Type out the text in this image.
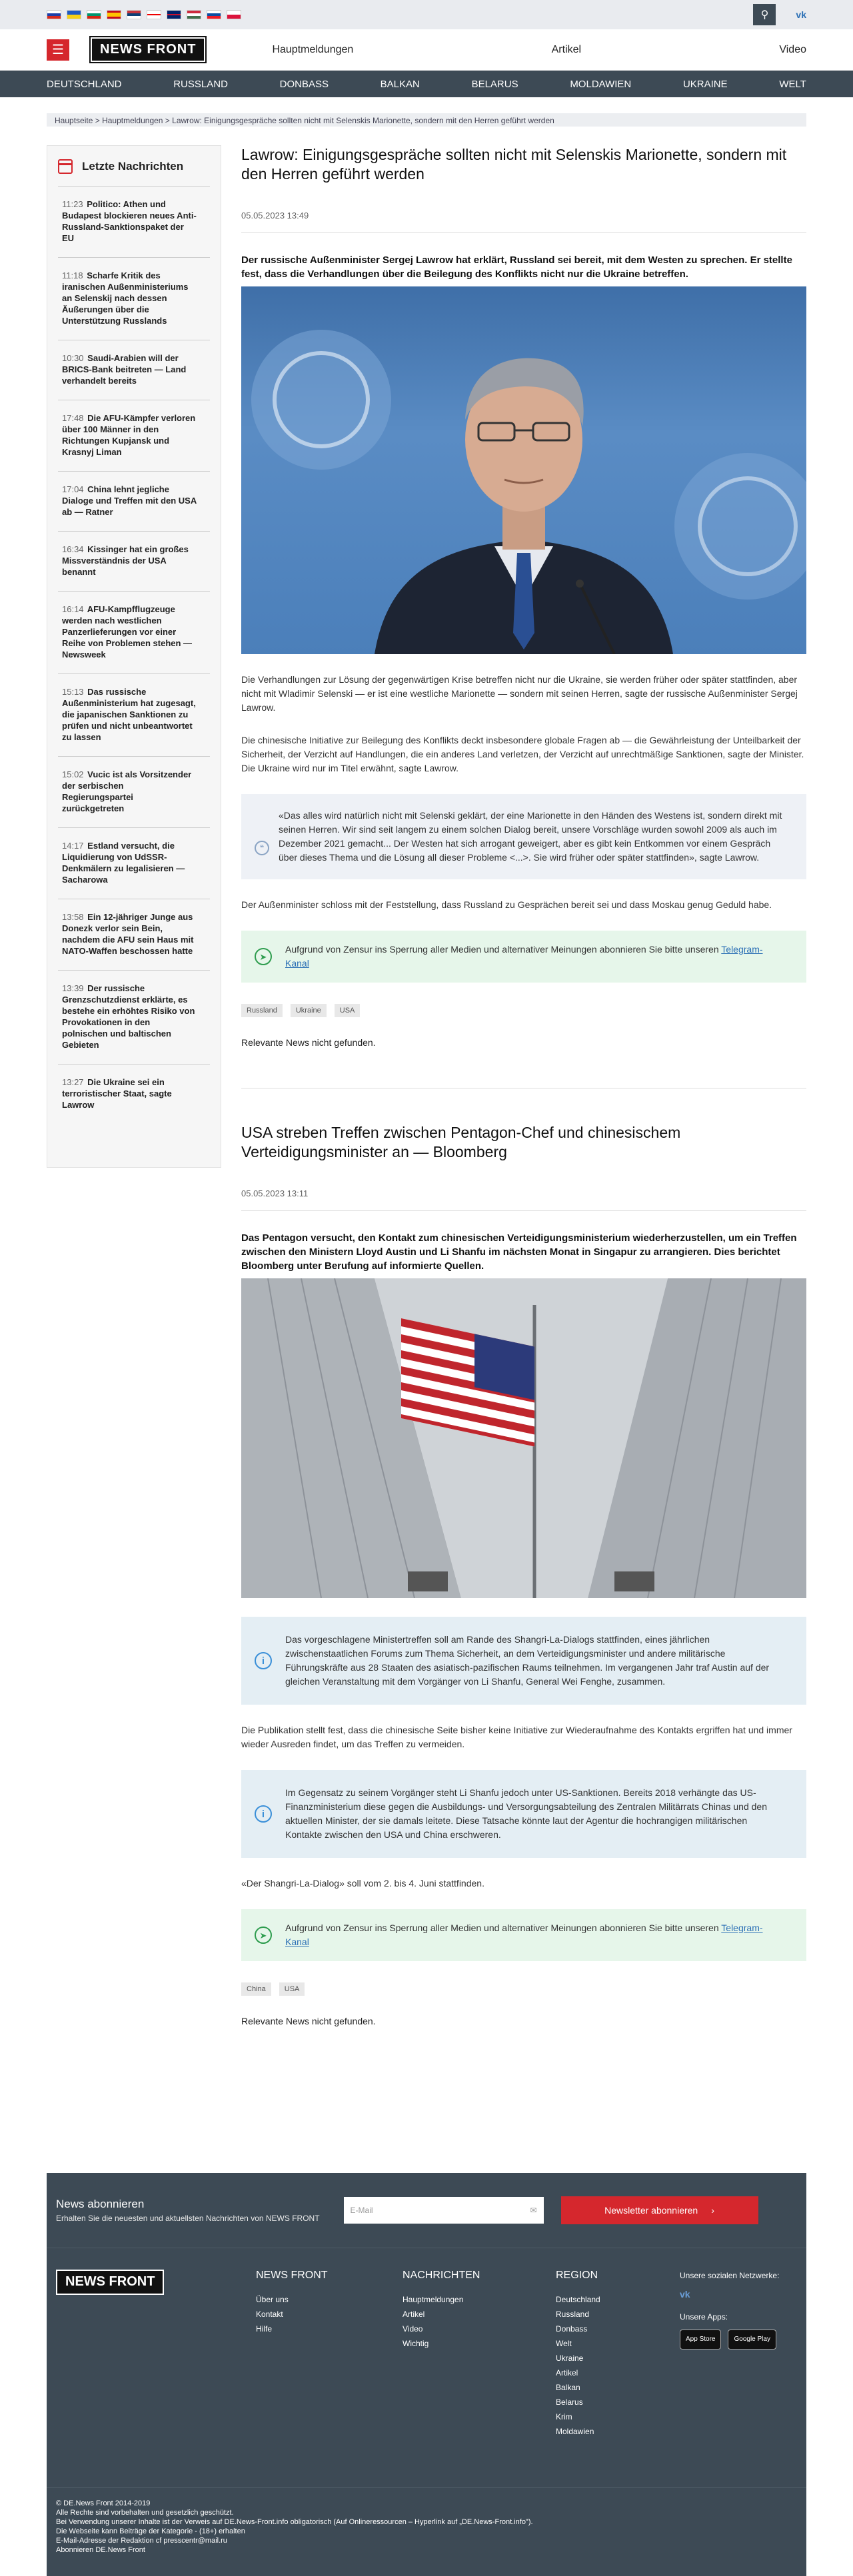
⚲	vk
☰	NEWS FRONT	Hauptmeldungen	Artikel	Video
DEUTSCHLAND	RUSSLAND	DONBASS	BALKAN	BELARUS	MOLDAWIEN	UKRAINE	WELT
Hauptseite > Hauptmeldungen > Lawrow: Einigungsgespräche sollten nicht mit Selenskis Marionette, sondern mit den Herren geführt werden
Letzte Nachrichten
11:23 Politico: Athen und Budapest blockieren neues Anti-Russland-Sanktionspaket der EU
11:18 Scharfe Kritik des iranischen Außenministeriums an Selenskij nach dessen Äußerungen über die Unterstützung Russlands
10:30 Saudi-Arabien will der BRICS-Bank beitreten — Land verhandelt bereits
17:48 Die AFU-Kämpfer verloren über 100 Männer in den Richtungen Kupjansk und Krasnyj Liman
17:04 China lehnt jegliche Dialoge und Treffen mit den USA ab — Ratner
16:34 Kissinger hat ein großes Missverständnis der USA benannt
16:14 AFU-Kampfflugzeuge werden nach westlichen Panzerlieferungen vor einer Reihe von Problemen stehen — Newsweek
15:13 Das russische Außenministerium hat zugesagt, die japanischen Sanktionen zu prüfen und nicht unbeantwortet zu lassen
15:02 Vucic ist als Vorsitzender der serbischen Regierungspartei zurückgetreten
14:17 Estland versucht, die Liquidierung von UdSSR-Denkmälern zu legalisieren — Sacharowa
13:58 Ein 12-jähriger Junge aus Donezk verlor sein Bein, nachdem die AFU sein Haus mit NATO-Waffen beschossen hatte
13:39 Der russische Grenzschutzdienst erklärte, es bestehe ein erhöhtes Risiko von Provokationen in den polnischen und baltischen Gebieten
13:27 Die Ukraine sei ein terroristischer Staat, sagte Lawrow
Lawrow: Einigungsgespräche sollten nicht mit Selenskis Marionette, sondern mit den Herren geführt werden
05.05.2023 13:49

Der russische Außenminister Sergej Lawrow hat erklärt, Russland sei bereit, mit dem Westen zu sprechen. Er stellte fest, dass die Verhandlungen über die Beilegung des Konflikts nicht nur die Ukraine betreffen.

Die Verhandlungen zur Lösung der gegenwärtigen Krise betreffen nicht nur die Ukraine, sie werden früher oder später stattfinden, aber nicht mit Wladimir Selenski — er ist eine westliche Marionette — sondern mit seinen Herren, sagte der russische Außenminister Sergej Lawrow.

Die chinesische Initiative zur Beilegung des Konflikts deckt insbesondere globale Fragen ab — die Gewährleistung der Unteilbarkeit der Sicherheit, der Verzicht auf Handlungen, die ein anderes Land verletzen, der Verzicht auf unrechtmäßige Sanktionen, sagte der Minister. Die Ukraine wird nur im Titel erwähnt, sagte Lawrow.

❝
«Das alles wird natürlich nicht mit Selenski geklärt, der eine Marionette in den Händen des Westens ist, sondern direkt mit seinen Herren. Wir sind seit langem zu einem solchen Dialog bereit, unsere Vorschläge wurden sowohl 2009 als auch im Dezember 2021 gemacht... Der Westen hat sich arrogant geweigert, aber es gibt kein Entkommen vor einem Gespräch über dieses Thema und die Lösung all dieser Probleme <...>. Sie wird früher oder später stattfinden», sagte Lawrow.

Der Außenminister schloss mit der Feststellung, dass Russland zu Gesprächen bereit sei und dass Moskau genug Geduld habe.

➤
Aufgrund von Zensur ins Sperrung aller Medien und alternativer Meinungen abonnieren Sie bitte unseren Telegram-Kanal
Russland	Ukraine	USA

Relevante News nicht gefunden.

USA streben Treffen zwischen Pentagon-Chef und chinesischem Verteidigungsminister an — Bloomberg
05.05.2023 13:11

Das Pentagon versucht, den Kontakt zum chinesischen Verteidigungsministerium wiederherzustellen, um ein Treffen zwischen den Ministern Lloyd Austin und Li Shanfu im nächsten Monat in Singapur zu arrangieren. Dies berichtet Bloomberg unter Berufung auf informierte Quellen.

i
Das vorgeschlagene Ministertreffen soll am Rande des Shangri-La-Dialogs stattfinden, eines jährlichen zwischenstaatlichen Forums zum Thema Sicherheit, an dem Verteidigungsminister und andere militärische Führungskräfte aus 28 Staaten des asiatisch-pazifischen Raums teilnehmen. Im vergangenen Jahr traf Austin auf der gleichen Veranstaltung mit dem Vorgänger von Li Shanfu, General Wei Fenghe, zusammen.

Die Publikation stellt fest, dass die chinesische Seite bisher keine Initiative zur Wiederaufnahme des Kontakts ergriffen hat und immer wieder Ausreden findet, um das Treffen zu vermeiden.

i
Im Gegensatz zu seinem Vorgänger steht Li Shanfu jedoch unter US-Sanktionen. Bereits 2018 verhängte das US-Finanzministerium diese gegen die Ausbildungs- und Versorgungsabteilung des Zentralen Militärrats Chinas und den aktuellen Minister, der sie damals leitete. Diese Tatsache könnte laut der Agentur die hochrangigen militärischen Kontakte zwischen den USA und China erschweren.

«Der Shangri-La-Dialog» soll vom 2. bis 4. Juni stattfinden.

➤
Aufgrund von Zensur ins Sperrung aller Medien und alternativer Meinungen abonnieren Sie bitte unseren Telegram-Kanal
China	USA

Relevante News nicht gefunden.

News abonnieren

Erhalten Sie die neuesten und aktuellsten Nachrichten von NEWS FRONT

E-Mail	✉	Newsletter abonnieren ›
NEWS FRONT	NEWS FRONT
Über uns
Kontakt
Hilfe
NACHRICHTEN
Hauptmeldungen
Artikel
Video
Wichtig
REGION
Deutschland
Russland
Donbass
Welt
Ukraine
Artikel
Balkan
Belarus
Krim
Moldawien
Unsere sozialen Netzwerke:
vk
Unsere Apps:
App Store	Google Play
© DE.News Front 2014-2019
Alle Rechte sind vorbehalten und gesetzlich geschützt.
Bei Verwendung unserer Inhalte ist der Verweis auf DE.News-Front.info obligatorisch (Auf Onlineressourcen – Hyperlink auf „DE.News-Front.info").
Die Webseite kann Beiträge der Kategorie - (18+) erhalten
E-Mail-Adresse der Redaktion cf presscentr@mail.ru
Abonnieren DE.News Front
